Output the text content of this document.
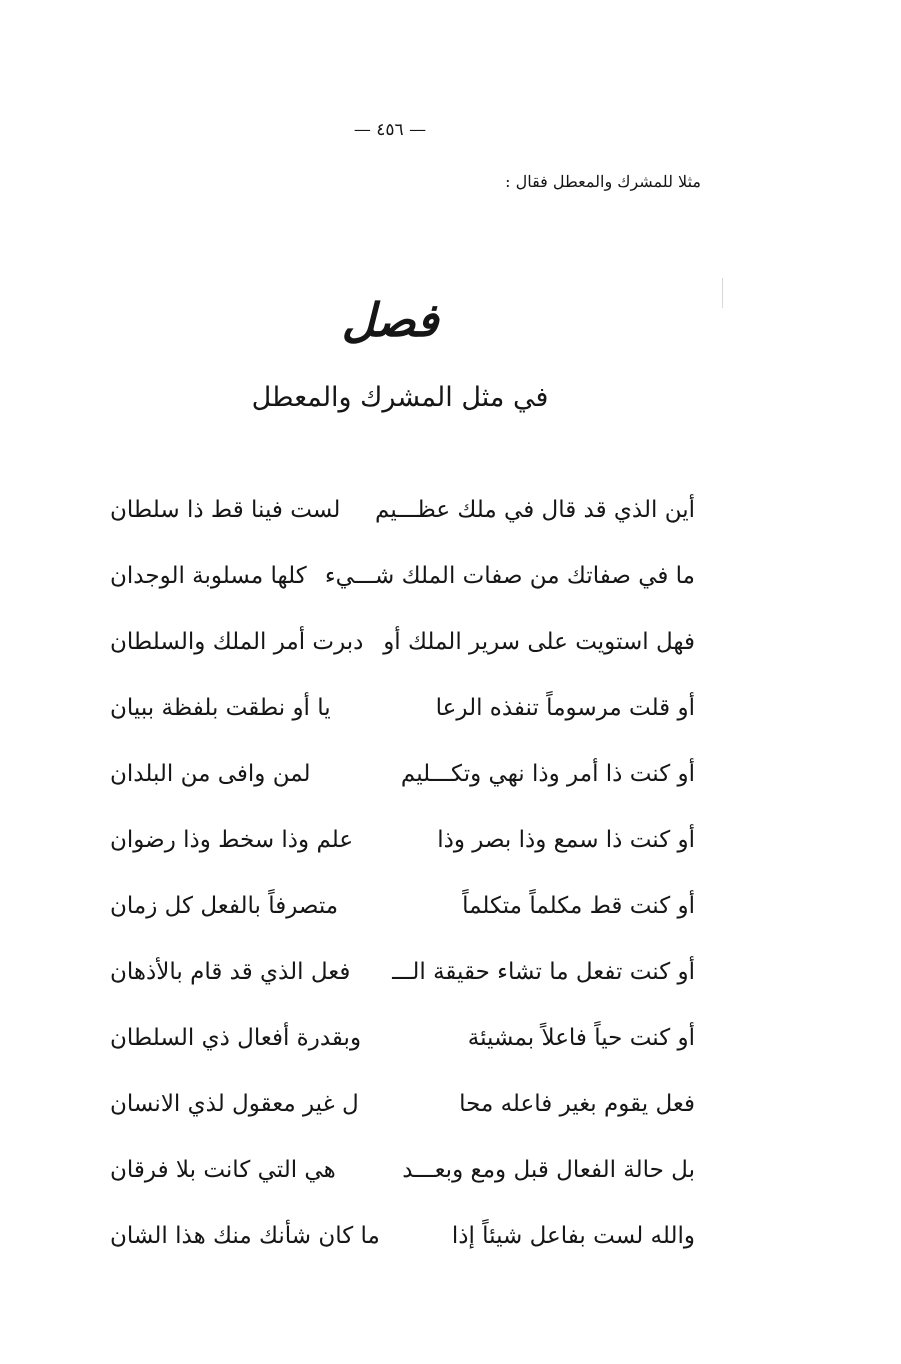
— ٤٥٦ —
مثلا للمشرك والمعطل فقال :
فصل
في مثل المشرك والمعطل
أين الذي قد قال في ملك عظـــيم
لست فينا قط ذا سلطان
ما في صفاتك من صفات الملك شـــيء
كلها مسلوبة الوجدان
فهل استويت على سرير الملك أو
دبرت أمر الملك والسلطان
أو قلت مرسوماً تنفذه الرعا
يا أو نطقت بلفظة ببيان
أو كنت ذا أمر وذا نهي وتكـــليم
لمن وافى من البلدان
أو كنت ذا سمع وذا بصر وذا
علم وذا سخط وذا رضوان
أو كنت قط مكلماً متكلماً
متصرفاً بالفعل كل زمان
أو كنت تفعل ما تشاء حقيقة الـــ
فعل الذي قد قام بالأذهان
أو كنت حياً فاعلاً بمشيئة
وبقدرة أفعال ذي السلطان
فعل يقوم بغير فاعله محا
ل غير معقول لذي الانسان
بل حالة الفعال قبل ومع وبعـــد
هي التي كانت بلا فرقان
والله لست بفاعل شيئاً إذا
ما كان شأنك منك هذا الشان
